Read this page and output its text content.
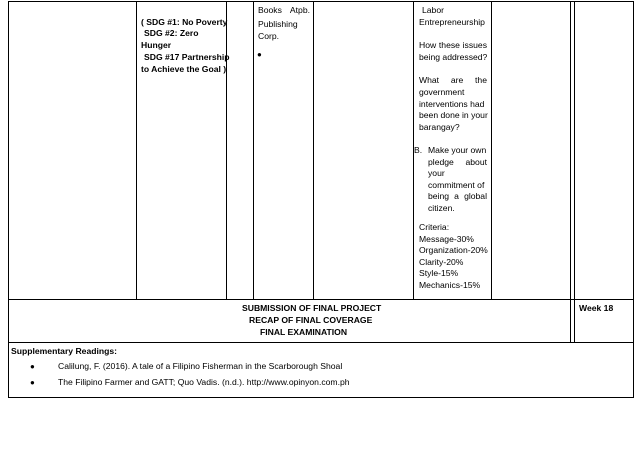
( SDG #1: No Poverty
SDG #2: Zero
Hunger
SDG #17 Partnership
to Achieve the Goal )
Books Atpb.
Publishing
Corp.
●
Labor
Entrepreneurship
How these issues
being addressed?
What are the
government
interventions had
been done in your
barangay?
B. Make your own
pledge about
your
commitment of
being a global
citizen.
Criteria:
Message-30%
Organization-20%
Clarity-20%
Style-15%
Mechanics-15%
SUBMISSION OF FINAL PROJECT
RECAP OF FINAL COVERAGE
FINAL EXAMINATION
Week 18
Supplementary Readings:
●	Calilung, F. (2016). A tale of a Filipino Fisherman in the Scarborough Shoal
●	The Filipino Farmer and GATT; Quo Vadis. (n.d.). http://www.opinyon.com.ph
